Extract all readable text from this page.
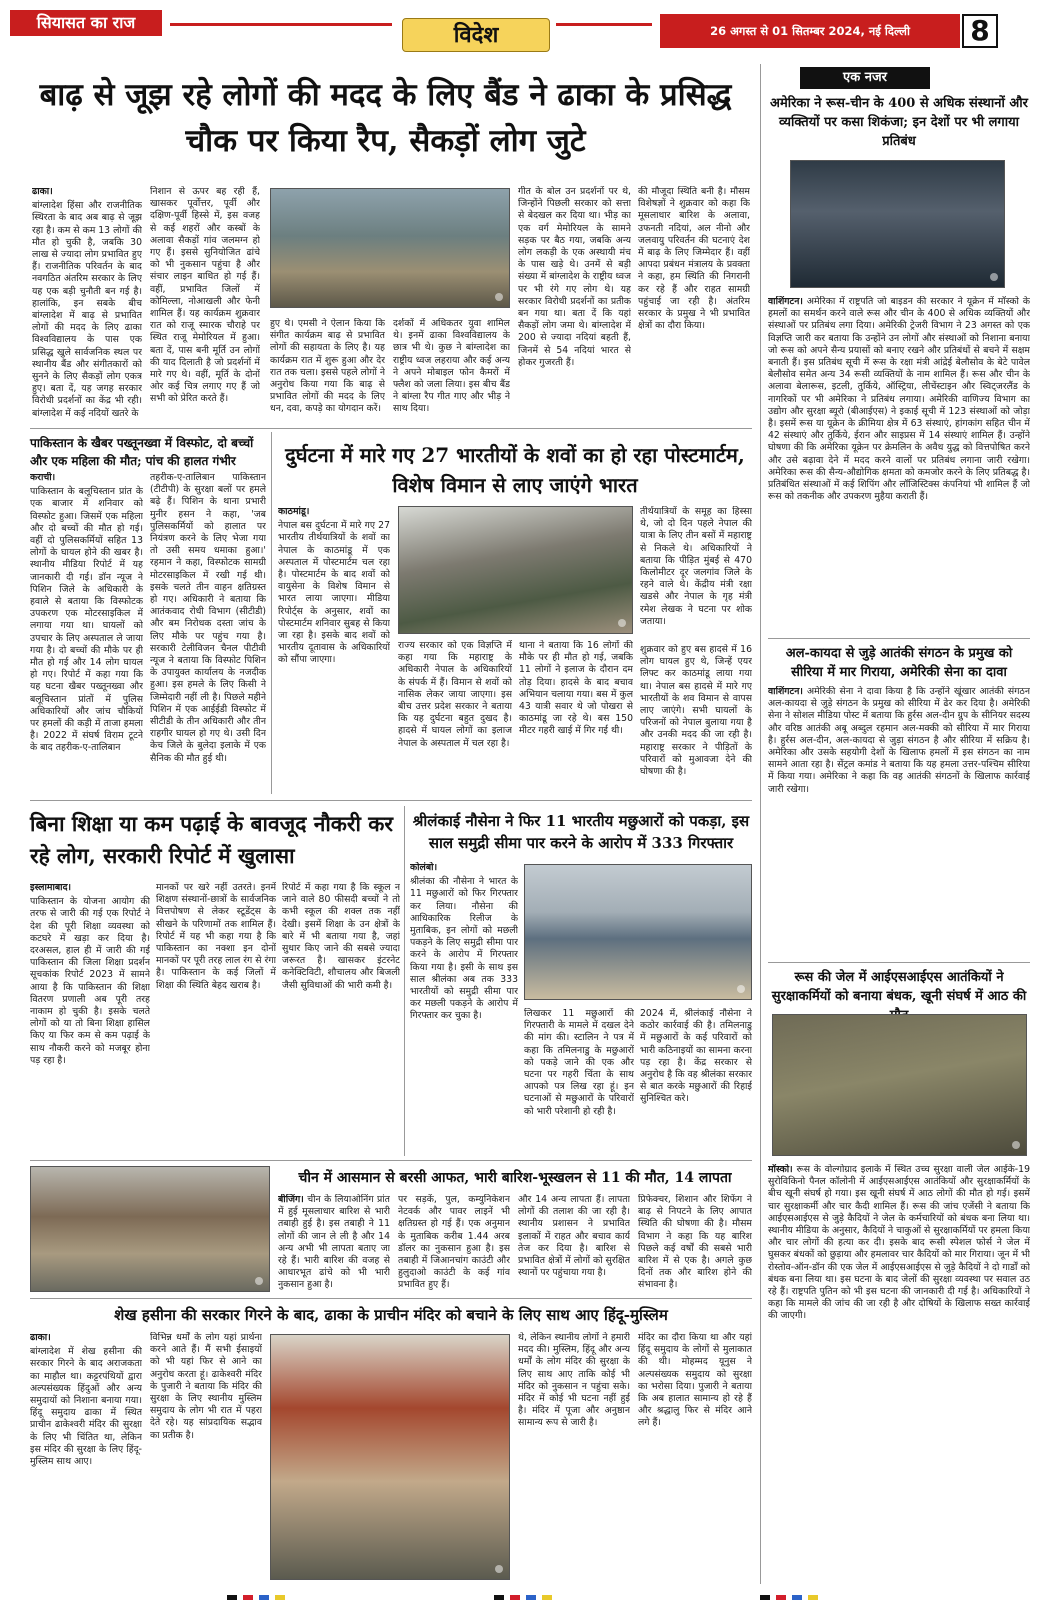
सियासत का राज	विदेश	26 अगस्त से 01 सितम्बर 2024, नई दिल्ली	8
बाढ़ से जूझ रहे लोगों की मदद के लिए बैंड ने ढाका के प्रसिद्ध चौक पर किया रैप, सैकड़ों लोग जुटे

ढाका।

बांग्लादेश हिंसा और राजनीतिक स्थिरता के बाद अब बाढ़ से जूझ रहा है। कम से कम 13 लोगों की मौत हो चुकी है, जबकि 30 लाख से ज्यादा लोग प्रभावित हुए हैं। राजनीतिक परिवर्तन के बाद नवगठित अंतरिम सरकार के लिए यह एक बड़ी चुनौती बन गई है। हालांकि, इन सबके बीच बांग्लादेश में बाढ़ से प्रभावित लोगों की मदद के लिए ढाका विश्वविद्यालय के पास एक प्रसिद्ध खुले सार्वजनिक स्थल पर स्थानीय बैंड और संगीतकारों को सुनने के लिए सैकड़ों लोग एकत्र हुए। बता दें, यह जगह सरकार विरोधी प्रदर्शनों का केंद्र भी रही। बांग्लादेश में कई नदियों खतरे के

निशान से ऊपर बह रही हैं, खासकर पूर्वोत्तर, पूर्वी और दक्षिण-पूर्वी हिस्से में, इस वजह से कई शहरों और कस्बों के अलावा सैकड़ों गांव जलमग्न हो गए हैं। इससे सुनियोजित ढांचे को भी नुकसान पहुंचा है और संचार लाइन बाधित हो गई हैं। वहीं, प्रभावित जिलों में कोमिल्ला, नोआखली और फेनी शामिल हैं। यह कार्यक्रम शुक्रवार रात को राजू स्मारक चौराहे पर स्थित राजू मेमोरियल में हुआ। बता दें, पास बनी मूर्ति उन लोगों की याद दिलाती है जो प्रदर्शनों में मारे गए थे। वहीं, मूर्ति के दोनों ओर कई चित्र लगाए गए हैं जो सभी को प्रेरित करते हैं।
हुए थे। एमसी ने ऐलान किया कि संगीत कार्यक्रम बाढ़ से प्रभावित लोगों की सहायता के लिए है। यह कार्यक्रम रात में शुरू हुआ और देर रात तक चला। इससे पहले लोगों ने अनुरोध किया गया कि बाढ़ से प्रभावित लोगों की मदद के लिए धन, दवा, कपड़े का योगदान करें।
दर्शकों में अधिकतर युवा शामिल थे। इनमें ढाका विश्वविद्यालय के छात्र भी थे। कुछ ने बांग्लादेश का राष्ट्रीय ध्वज लहराया और कई अन्य ने अपने मोबाइल फोन कैमरों में फ्लैश को जला लिया। इस बीच बैंड ने बांग्ला रैप गीत गाए और भीड़ ने साथ दिया।
गीत के बोल उन प्रदर्शनों पर थे, जिन्होंने पिछली सरकार को सत्ता से बेदखल कर दिया था। भीड़ का एक वर्ग मेमोरियल के सामने सड़क पर बैठ गया, जबकि अन्य लोग लकड़ी के एक अस्थायी मंच के पास खड़े थे। उनमें से बड़ी संख्या में बांग्लादेश के राष्ट्रीय ध्वज पर भी रंगे गए लोग थे। यह सरकार विरोधी प्रदर्शनों का प्रतीक बन गया था। बता दें कि यहां सैकड़ों लोग जमा थे। बांग्लादेश में 200 से ज्यादा नदियां बहती हैं, जिनमें से 54 नदियां भारत से होकर गुजरती हैं।
की मौजूदा स्थिति बनी है। मौसम विशेषज्ञों ने शुक्रवार को कहा कि मूसलाधार बारिश के अलावा, उफनती नदियां, अल नीनो और जलवायु परिवर्तन की घटनाएं देश में बाढ़ के लिए जिम्मेदार हैं। वहीं आपदा प्रबंधन मंत्रालय के प्रवक्ता ने कहा, हम स्थिति की निगरानी कर रहे हैं और राहत सामग्री पहुंचाई जा रही है। अंतरिम सरकार के प्रमुख ने भी प्रभावित क्षेत्रों का दौरा किया।
पाकिस्तान के खैबर पख्तूनख्वा में विस्फोट, दो बच्चों और एक महिला की मौत; पांच की हालत गंभीर

कराची।

पाकिस्तान के बलूचिस्तान प्रांत के एक बाजार में शनिवार को विस्फोट हुआ। जिसमें एक महिला और दो बच्चों की मौत हो गई। वहीं दो पुलिसकर्मियों सहित 13 लोगों के घायल होने की खबर है। स्थानीय मीडिया रिपोर्ट में यह जानकारी दी गई। डॉन न्यूज ने पिशिन जिले के अधिकारी के हवाले से बताया कि विस्फोटक उपकरण एक मोटरसाइकिल में लगाया गया था। घायलों को उपचार के लिए अस्पताल ले जाया गया है। दो बच्चों की मौके पर ही मौत हो गई और 14 लोग घायल हो गए। रिपोर्ट में कहा गया कि यह घटना खैबर पख्तूनख्वा और बलूचिस्तान प्रांतों में पुलिस अधिकारियों और जांच चौकियों पर हमलों की कड़ी में ताजा हमला है। 2022 में संघर्ष विराम टूटने के बाद तहरीक-ए-तालिबान

तहरीक-ए-तालिबान पाकिस्तान (टीटीपी) के सुरक्षा बलों पर हमले बढ़े हैं। पिशिन के थाना प्रभारी मुनीर हसन ने कहा, 'जब पुलिसकर्मियों को हालात पर नियंत्रण करने के लिए भेजा गया तो उसी समय धमाका हुआ।' रहमान ने कहा, विस्फोटक सामग्री मोटरसाइकिल में रखी गई थी। इसके चलते तीन वाहन क्षतिग्रस्त हो गए। अधिकारी ने बताया कि आतंकवाद रोधी विभाग (सीटीडी) और बम निरोधक दस्ता जांच के लिए मौके पर पहुंच गया है। सरकारी टेलीविजन चैनल पीटीवी न्यूज ने बताया कि विस्फोट पिशिन के उपायुक्त कार्यालय के नजदीक हुआ। इस हमले के लिए किसी ने जिम्मेदारी नहीं ली है। पिछले महीने पिशिन में एक आईईडी विस्फोट में सीटीडी के तीन अधिकारी और तीन राहगीर घायल हो गए थे। उसी दिन केच जिले के बुलेदा इलाके में एक सैनिक की मौत हुई थी।
दुर्घटना में मारे गए 27 भारतीयों के शवों का हो रहा पोस्टमार्टम, विशेष विमान से लाए जाएंगे भारत

काठमांडू।

नेपाल बस दुर्घटना में मारे गए 27 भारतीय तीर्थयात्रियों के शवों का नेपाल के काठमांडू में एक अस्पताल में पोस्टमार्टम चल रहा है। पोस्टमार्टम के बाद शवों को वायुसेना के विशेष विमान से भारत लाया जाएगा। मीडिया रिपोर्ट्स के अनुसार, शवों का पोस्टमार्टम शनिवार सुबह से किया जा रहा है। इसके बाद शवों को भारतीय दूतावास के अधिकारियों को सौंपा जाएगा।

राज्य सरकार को एक विज्ञप्ति में कहा गया कि महाराष्ट्र के अधिकारी नेपाल के अधिकारियों के संपर्क में हैं। विमान से शवों को नासिक लेकर जाया जाएगा। इस बीच उत्तर प्रदेश सरकार ने बताया कि यह दुर्घटना बहुत दुखद है। हादसे में घायल लोगों का इलाज नेपाल के अस्पताल में चल रहा है।
थाना ने बताया कि 16 लोगों की मौके पर ही मौत हो गई, जबकि 11 लोगों ने इलाज के दौरान दम तोड़ दिया। हादसे के बाद बचाव अभियान चलाया गया। बस में कुल 43 यात्री सवार थे जो पोखरा से काठमांडू जा रहे थे। बस 150 मीटर गहरी खाई में गिर गई थी।
तीर्थयात्रियों के समूह का हिस्सा थे, जो दो दिन पहले नेपाल की यात्रा के लिए तीन बसों में महाराष्ट्र से निकले थे। अधिकारियों ने बताया कि पीड़ित मुंबई से 470 किलोमीटर दूर जलगांव जिले के रहने वाले थे। केंद्रीय मंत्री रक्षा खडसे और नेपाल के गृह मंत्री रमेश लेखक ने घटना पर शोक जताया।
शुक्रवार को हुए बस हादसे में 16 लोग घायल हुए थे, जिन्हें एयर लिफ्ट कर काठमांडू लाया गया था। नेपाल बस हादसे में मारे गए भारतीयों के शव विमान से वापस लाए जाएंगे। सभी घायलों के परिजनों को नेपाल बुलाया गया है और उनकी मदद की जा रही है। महाराष्ट्र सरकार ने पीड़ितों के परिवारों को मुआवजा देने की घोषणा की है।
बिना शिक्षा या कम पढ़ाई के बावजूद नौकरी कर रहे लोग, सरकारी रिपोर्ट में खुलासा

इस्लामाबाद।

पाकिस्तान के योजना आयोग की तरफ से जारी की गई एक रिपोर्ट ने देश की पूरी शिक्षा व्यवस्था को कटघरे में खड़ा कर दिया है। दरअसल, हाल ही में जारी की गई पाकिस्तान की जिला शिक्षा प्रदर्शन सूचकांक रिपोर्ट 2023 में सामने आया है कि पाकिस्तान की शिक्षा वितरण प्रणाली अब पूरी तरह नाकाम हो चुकी है। इसके चलते लोगों को या तो बिना शिक्षा हासिल किए या फिर कम से कम पढ़ाई के साथ नौकरी करने को मजबूर होना पड़ रहा है।

मानकों पर खरे नहीं उतरते। इनमें शिक्षण संस्थानों-छात्रों के सार्वजनिक वित्तपोषण से लेकर स्टूडेंट्स के सीखने के परिणामों तक शामिल हैं। रिपोर्ट में यह भी कहा गया है कि पाकिस्तान का नक्शा इन दोनों मानकों पर पूरी तरह लाल रंग से रंगा है। पाकिस्तान के कई जिलों में शिक्षा की स्थिति बेहद खराब है।
रिपोर्ट में कहा गया है कि स्कूल न जाने वाले 80 फीसदी बच्चों ने तो कभी स्कूल की शक्ल तक नहीं देखी। इसमें शिक्षा के उन क्षेत्रों के बारे में भी बताया गया है, जहां सुधार किए जाने की सबसे ज्यादा जरूरत है। खासकर इंटरनेट कनेक्टिविटी, शौचालय और बिजली जैसी सुविधाओं की भारी कमी है।
श्रीलंकाई नौसेना ने फिर 11 भारतीय मछुआरों को पकड़ा, इस साल समुद्री सीमा पार करने के आरोप में 333 गिरफ्तार

कोलंबो।

श्रीलंका की नौसेना ने भारत के 11 मछुआरों को फिर गिरफ्तार कर लिया। नौसेना की आधिकारिक रिलीज के मुताबिक, इन लोगों को मछली पकड़ने के लिए समुद्री सीमा पार करने के आरोप में गिरफ्तार किया गया है। इसी के साथ इस साल श्रीलंका अब तक 333 भारतीयों को समुद्री सीमा पार कर मछली पकड़ने के आरोप में गिरफ्तार कर चुका है।	लिखकर 11 मछुआरों की गिरफ्तारी के मामले में दखल देने की मांग की। स्टालिन ने पत्र में कहा कि तमिलनाडु के मछुआरों को पकड़े जाने की एक और घटना पर गहरी चिंता के साथ आपको पत्र लिख रहा हूं। इन घटनाओं से मछुआरों के परिवारों को भारी परेशानी हो रही है।
2024 में, श्रीलंकाई नौसेना ने कठोर कार्रवाई की है। तमिलनाडु में मछुआरों के कई परिवारों को भारी कठिनाइयों का सामना करना पड़ रहा है। केंद्र सरकार से अनुरोध है कि वह श्रीलंका सरकार से बात करके मछुआरों की रिहाई सुनिश्चित करे।
चीन में आसमान से बरसी आफत, भारी बारिश-भूस्खलन से 11 की मौत, 14 लापता

बीजिंग। चीन के लियाओनिंग प्रांत में हुई मूसलाधार बारिश से भारी तबाही हुई है। इस तबाही ने 11 लोगों की जान ले ली है और 14 अन्य अभी भी लापता बताए जा रहे हैं। भारी बारिश की वजह से आधारभूत ढांचे को भी भारी नुकसान हुआ है।

पर सड़कें, पुल, कम्युनिकेशन नेटवर्क और पावर लाइनें भी क्षतिग्रस्त हो गई हैं। एक अनुमान के मुताबिक करीब 1.44 अरब डॉलर का नुकसान हुआ है। इस तबाही में जिआनचांग काउंटी और हुलुदाओ काउंटी के कई गांव प्रभावित हुए हैं।
और 14 अन्य लापता हैं। लापता लोगों की तलाश की जा रही है। स्थानीय प्रशासन ने प्रभावित इलाकों में राहत और बचाव कार्य तेज कर दिया है। बारिश से प्रभावित क्षेत्रों में लोगों को सुरक्षित स्थानों पर पहुंचाया गया है।
प्रिफेक्चर, शिशान और शिफेंग ने बाढ़ से निपटने के लिए आपात स्थिति की घोषणा की है। मौसम विभाग ने कहा कि यह बारिश पिछले कई वर्षों की सबसे भारी बारिश में से एक है। अगले कुछ दिनों तक और बारिश होने की संभावना है।
शेख हसीना की सरकार गिरने के बाद, ढाका के प्राचीन मंदिर को बचाने के लिए साथ आए हिंदू-मुस्लिम

ढाका।

बांग्लादेश में शेख हसीना की सरकार गिरने के बाद अराजकता का माहौल था। कट्टरपंथियों द्वारा अल्पसंख्यक हिंदुओं और अन्य समुदायों को निशाना बनाया गया। हिंदू समुदाय ढाका में स्थित प्राचीन ढाकेश्वरी मंदिर की सुरक्षा के लिए भी चिंतित था, लेकिन इस मंदिर की सुरक्षा के लिए हिंदू-मुस्लिम साथ आए।

विभिन्न धर्मों के लोग यहां प्रार्थना करने आते हैं। मैं सभी ईसाइयों को भी यहां फिर से आने का अनुरोध करता हूं। ढाकेश्वरी मंदिर के पुजारी ने बताया कि मंदिर की सुरक्षा के लिए स्थानीय मुस्लिम समुदाय के लोग भी रात में पहरा देते रहे। यह सांप्रदायिक सद्भाव का प्रतीक है।
थे, लेकिन स्थानीय लोगों ने हमारी मदद की। मुस्लिम, हिंदू और अन्य धर्मों के लोग मंदिर की सुरक्षा के लिए साथ आए ताकि कोई भी मंदिर को नुकसान न पहुंचा सके। मंदिर में कोई भी घटना नहीं हुई है। मंदिर में पूजा और अनुष्ठान सामान्य रूप से जारी है।
मंदिर का दौरा किया था और यहां हिंदू समुदाय के लोगों से मुलाकात की थी। मोहम्मद यूनुस ने अल्पसंख्यक समुदाय को सुरक्षा का भरोसा दिया। पुजारी ने बताया कि अब हालात सामान्य हो रहे हैं और श्रद्धालु फिर से मंदिर आने लगे हैं।
एक नजर
अमेरिका ने रूस-चीन के 400 से अधिक संस्थानों और व्यक्तियों पर कसा शिकंजा; इन देशों पर भी लगाया प्रतिबंध

वाशिंगटन। अमेरिका में राष्ट्रपति जो बाइडन की सरकार ने यूक्रेन में मॉस्को के हमलों का समर्थन करने वाले रूस और चीन के 400 से अधिक व्यक्तियों और संस्थाओं पर प्रतिबंध लगा दिया। अमेरिकी ट्रेजरी विभाग ने 23 अगस्त को एक विज्ञप्ति जारी कर बताया कि उन्होंने उन लोगों और संस्थाओं को निशाना बनाया जो रूस को अपने सैन्य प्रयासों को बनाए रखने और प्रतिबंधों से बचने में सक्षम बनाती हैं। इस प्रतिबंध सूची में रूस के रक्षा मंत्री आंद्रेई बेलौसोव के बेटे पावेल बेलौसोव समेत अन्य 34 रूसी व्यक्तियों के नाम शामिल हैं। रूस और चीन के अलावा बेलारूस, इटली, तुर्किये, ऑस्ट्रिया, लीचेंस्टाइन और स्विट्जरलैंड के नागरिकों पर भी अमेरिका ने प्रतिबंध लगाया। अमेरिकी वाणिज्य विभाग का उद्योग और सुरक्षा ब्यूरो (बीआईएस) ने इकाई सूची में 123 संस्थाओं को जोड़ा है। इसमें रूस या यूक्रेन के क्रीमिया क्षेत्र में 63 संस्थाएं, हांगकांग सहित चीन में 42 संस्थाएं और तुर्किये, ईरान और साइप्रस में 14 संस्थाएं शामिल हैं। उन्होंने घोषणा की कि अमेरिका यूक्रेन पर क्रेमलिन के अवैध युद्ध को वित्तपोषित करने और उसे बढ़ावा देने में मदद करने वालों पर प्रतिबंध लगाना जारी रखेगा। अमेरिका रूस की सैन्य-औद्योगिक क्षमता को कमजोर करने के लिए प्रतिबद्ध है। प्रतिबंधित संस्थाओं में कई शिपिंग और लॉजिस्टिक्स कंपनियां भी शामिल हैं जो रूस को तकनीक और उपकरण मुहैया कराती हैं।

अल-कायदा से जुड़े आतंकी संगठन के प्रमुख को सीरिया में मार गिराया, अमेरिकी सेना का दावा

वाशिंगटन। अमेरिकी सेना ने दावा किया है कि उन्होंने खूंखार आतंकी संगठन अल-कायदा से जुड़े संगठन के प्रमुख को सीरिया में ढेर कर दिया है। अमेरिकी सेना ने सोशल मीडिया पोस्ट में बताया कि हुर्रस अल-दीन ग्रुप के सीनियर सदस्य और वरिष्ठ आतंकी अबू अब्दुल रहमान अल-मक्की को सीरिया में मार गिराया है। हुर्रस अल-दीन, अल-कायदा से जुड़ा संगठन है और सीरिया में सक्रिय है। अमेरिका और उसके सहयोगी देशों के खिलाफ हमलों में इस संगठन का नाम सामने आता रहा है। सेंट्रल कमांड ने बताया कि यह हमला उत्तर-पश्चिम सीरिया में किया गया। अमेरिका ने कहा कि वह आतंकी संगठनों के खिलाफ कार्रवाई जारी रखेगा।

रूस की जेल में आईएसआईएस आतंकियों ने सुरक्षाकर्मियों को बनाया बंधक, खूनी संघर्ष में आठ की

मॉस्को। रूस के वोल्गोग्राद इलाके में स्थित उच्च सुरक्षा वाली जेल आईके-19 सुरोविकिनो पैनल कॉलोनी में आईएसआईएस आतंकियों और सुरक्षाकर्मियों के बीच खूनी संघर्ष हो गया। इस खूनी संघर्ष में आठ लोगों की मौत हो गई। इसमें चार सुरक्षाकर्मी और चार कैदी शामिल हैं। रूस की जांच एजेंसी ने बताया कि आईएसआईएस से जुड़े कैदियों ने जेल के कर्मचारियों को बंधक बना लिया था। स्थानीय मीडिया के अनुसार, कैदियों ने चाकुओं से सुरक्षाकर्मियों पर हमला किया और चार लोगों की हत्या कर दी। इसके बाद रूसी स्पेशल फोर्स ने जेल में घुसकर बंधकों को छुड़ाया और हमलावर चार कैदियों को मार गिराया। जून में भी रोस्तोव-ऑन-डॉन की एक जेल में आईएसआईएस से जुड़े कैदियों ने दो गार्डों को बंधक बना लिया था। इस घटना के बाद जेलों की सुरक्षा व्यवस्था पर सवाल उठ रहे हैं। राष्ट्रपति पुतिन को भी इस घटना की जानकारी दी गई है। अधिकारियों ने कहा कि मामले की जांच की जा रही है और दोषियों के खिलाफ सख्त कार्रवाई की जाएगी।
